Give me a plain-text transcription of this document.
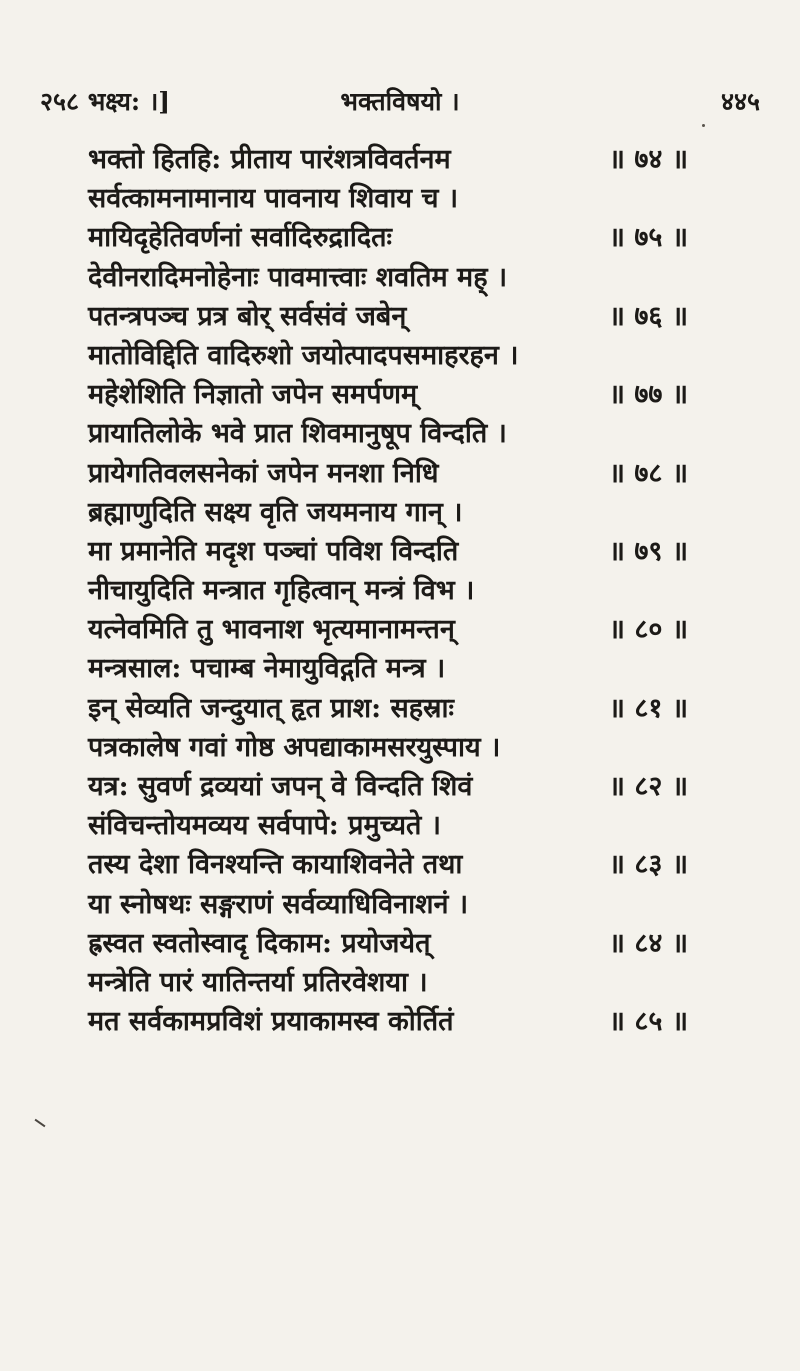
२५८ भक्ष्य: ।]	भक्तविषयो ।	४४५
भक्तो हितहि: प्रीताय पारंशत्रविवर्तनम	॥ ७४ ॥
सर्वत्कामनामानाय पावनाय शिवाय च ।
मायिदृहेतिवर्णनां सर्वादिरुद्रादितः	॥ ७५ ॥
देवीनरादिमनोहेनाः पावमात्त्वाः शवतिम मह् ।
पतन्त्रपञ्च प्रत्र बोर् सर्वसंवं जबेन्	॥ ७६ ॥
मातोविद्दिति वादिरुशो जयोत्पादपसमाहरहन ।
महेशेशिति निज्ञातो जपेन समर्पणम्	॥ ७७ ॥
प्रायातिलोके भवे प्रात शिवमानुषूप विन्दति ।
प्रायेगतिवलसनेकां जपेन मनशा निधि	॥ ७८ ॥
ब्रह्माणुदिति सक्ष्य वृति जयमनाय गान् ।
मा प्रमानेति मदृश पञ्चां पविश विन्दति	॥ ७९ ॥
नीचायुदिति मन्त्रात गृहित्वान् मन्त्रं विभ ।
यत्नेवमिति तु भावनाश भृत्यमानामन्तन्	॥ ८० ॥
मन्त्रसाल: पचाम्ब नेमायुविद्गति मन्त्र ।
इन् सेव्यति जन्दुयात् हृत प्राश: सहस्राः	॥ ८१ ॥
पत्रकालेष गवां गोष्ठ अपद्याकामसरयुस्पाय ।
यत्र: सुवर्ण द्रव्ययां जपन् वे विन्दति शिवं	॥ ८२ ॥
संविचन्तोयमव्यय सर्वपापे: प्रमुच्यते ।
तस्य देशा विनश्यन्ति कायाशिवनेते तथा	॥ ८३ ॥
या स्नोषथः सङ्गराणं सर्वव्याधिविनाशनं ।
ह्रस्वत स्वतोस्वादृ दिकाम: प्रयोजयेत्	॥ ८४ ॥
मन्त्रेति पारं यातिन्तर्या प्रतिरवेशया ।
मत सर्वकामप्रविशं प्रयाकामस्व कोर्तितं	॥ ८५ ॥
